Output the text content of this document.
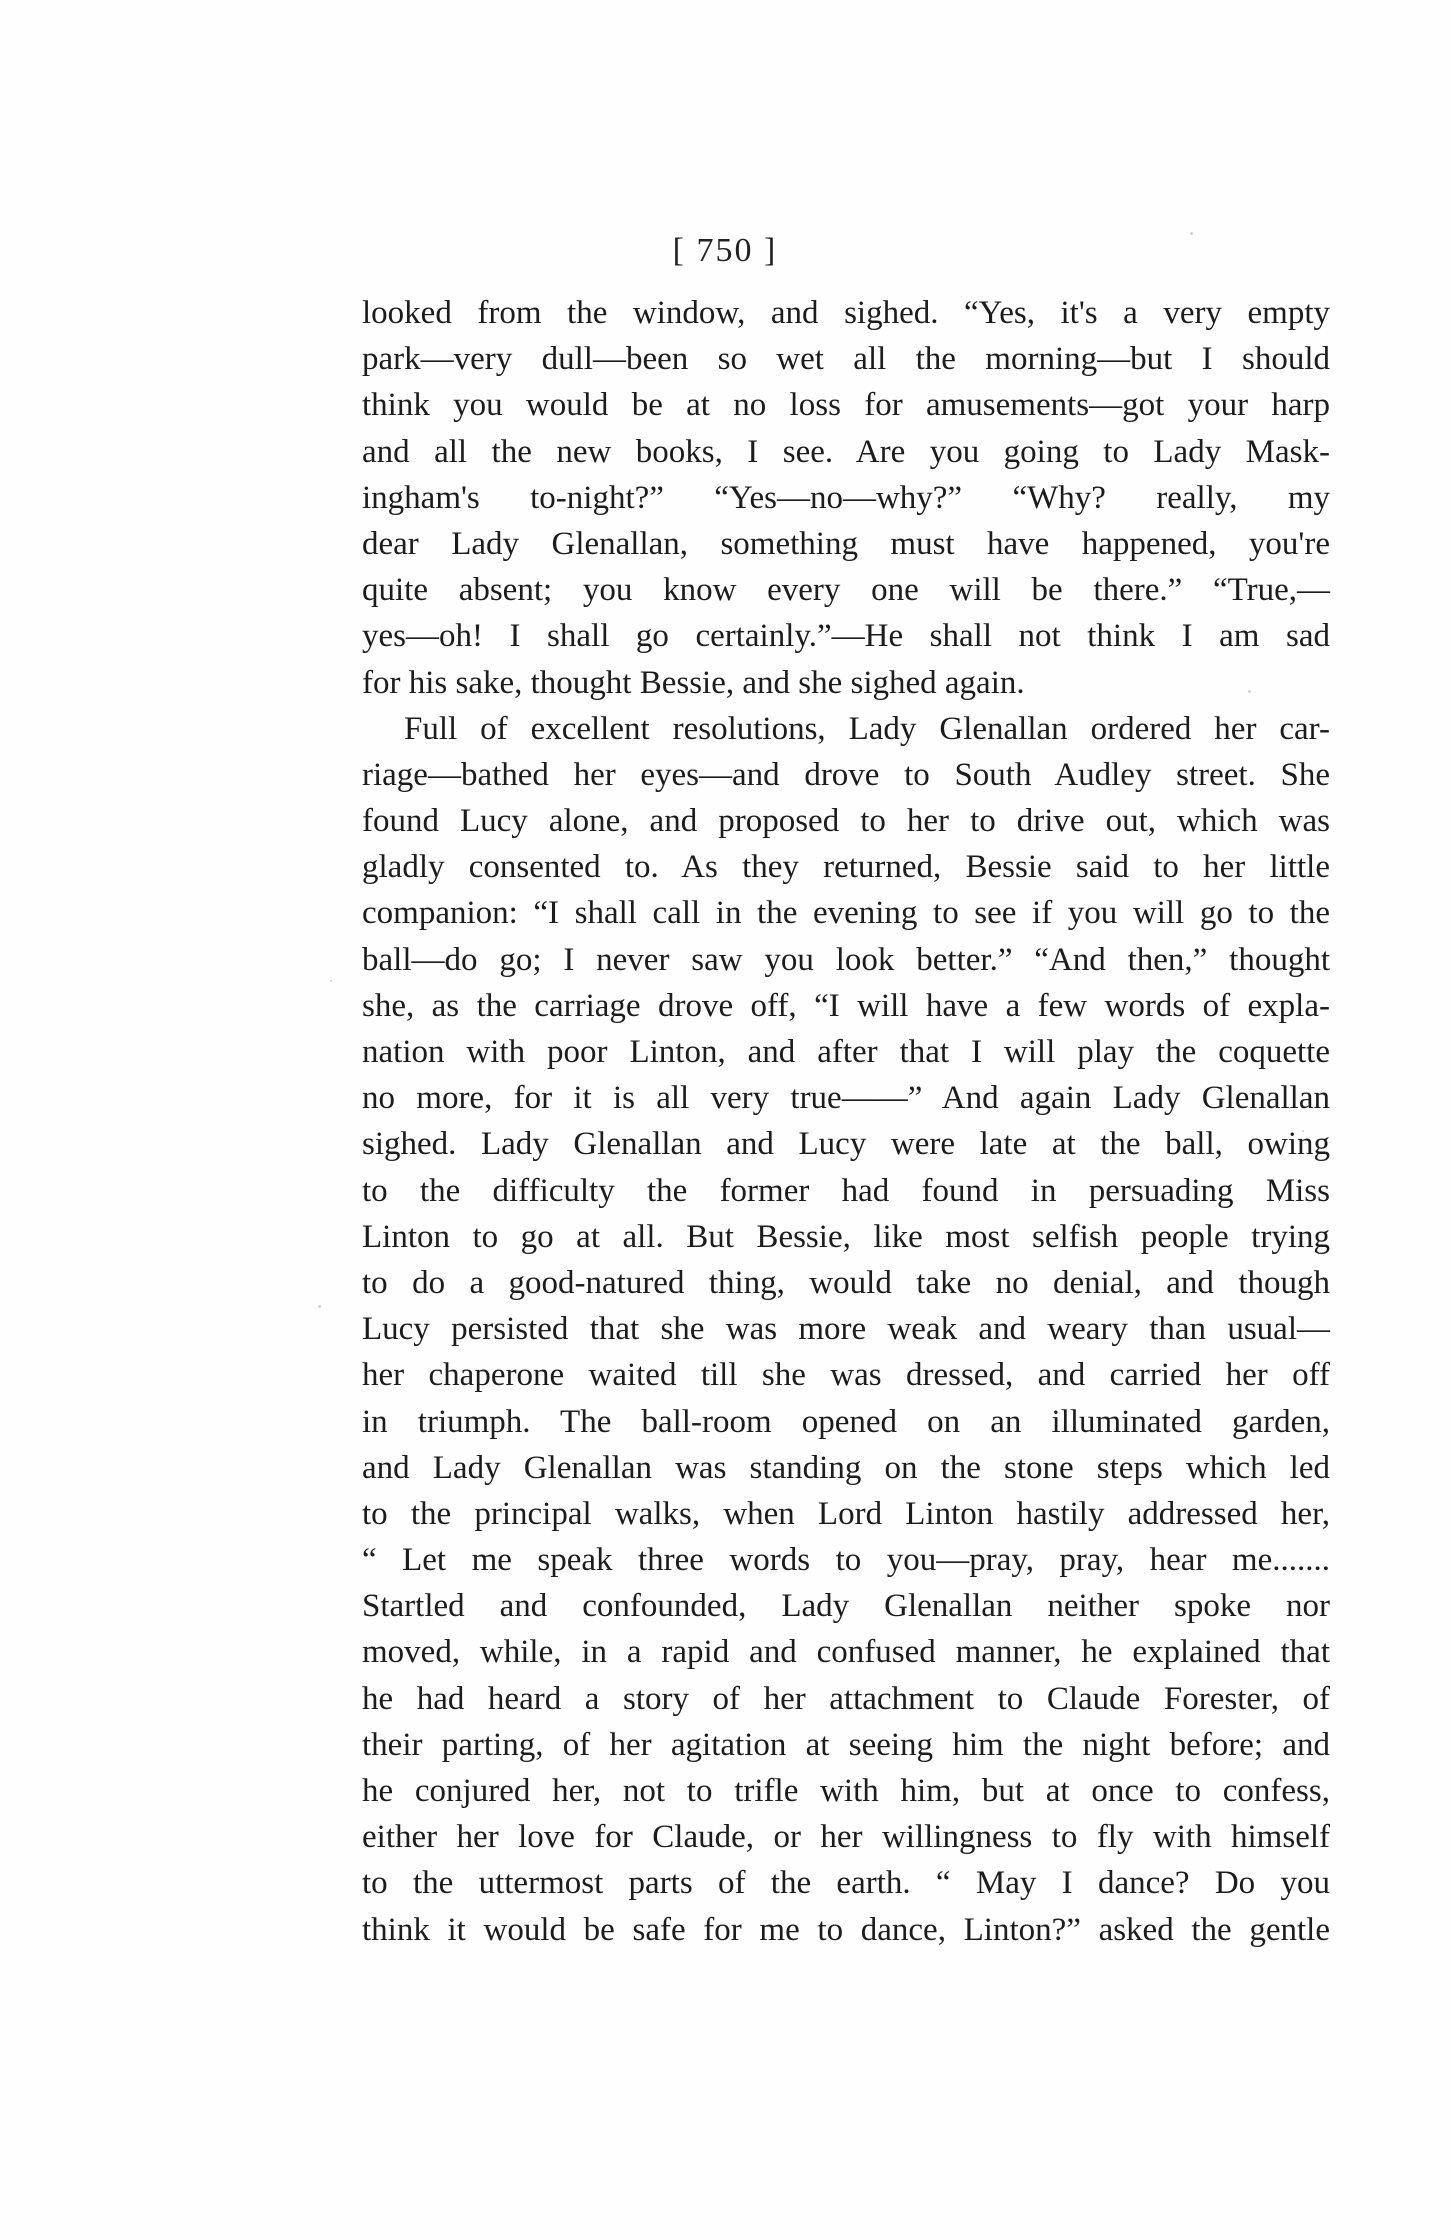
[ 750 ]
looked from the window, and sighed. “Yes, it's a very empty
park—very dull—been so wet all the morning—but I should
think you would be at no loss for amusements—got your harp
and all the new books, I see. Are you going to Lady Mask-
ingham's to-night?” “Yes—no—why?” “Why? really, my
dear Lady Glenallan, something must have happened, you're
quite absent; you know every one will be there.” “True,—
yes—oh! I shall go certainly.”—He shall not think I am sad
for his sake, thought Bessie, and she sighed again.
Full of excellent resolutions, Lady Glenallan ordered her car-
riage—bathed her eyes—and drove to South Audley street. She
found Lucy alone, and proposed to her to drive out, which was
gladly consented to. As they returned, Bessie said to her little
companion: “I shall call in the evening to see if you will go to the
ball—do go; I never saw you look better.” “And then,” thought
she, as the carriage drove off, “I will have a few words of expla-
nation with poor Linton, and after that I will play the coquette
no more, for it is all very true——” And again Lady Glenallan
sighed. Lady Glenallan and Lucy were late at the ball, owing
to the difficulty the former had found in persuading Miss
Linton to go at all. But Bessie, like most selfish people trying
to do a good-natured thing, would take no denial, and though
Lucy persisted that she was more weak and weary than usual—
her chaperone waited till she was dressed, and carried her off
in triumph. The ball-room opened on an illuminated garden,
and Lady Glenallan was standing on the stone steps which led
to the principal walks, when Lord Linton hastily addressed her,
“ Let me speak three words to you—pray, pray, hear me.......
Startled and confounded, Lady Glenallan neither spoke nor
moved, while, in a rapid and confused manner, he explained that
he had heard a story of her attachment to Claude Forester, of
their parting, of her agitation at seeing him the night before; and
he conjured her, not to trifle with him, but at once to confess,
either her love for Claude, or her willingness to fly with himself
to the uttermost parts of the earth. “ May I dance? Do you
think it would be safe for me to dance, Linton?” asked the gentle
